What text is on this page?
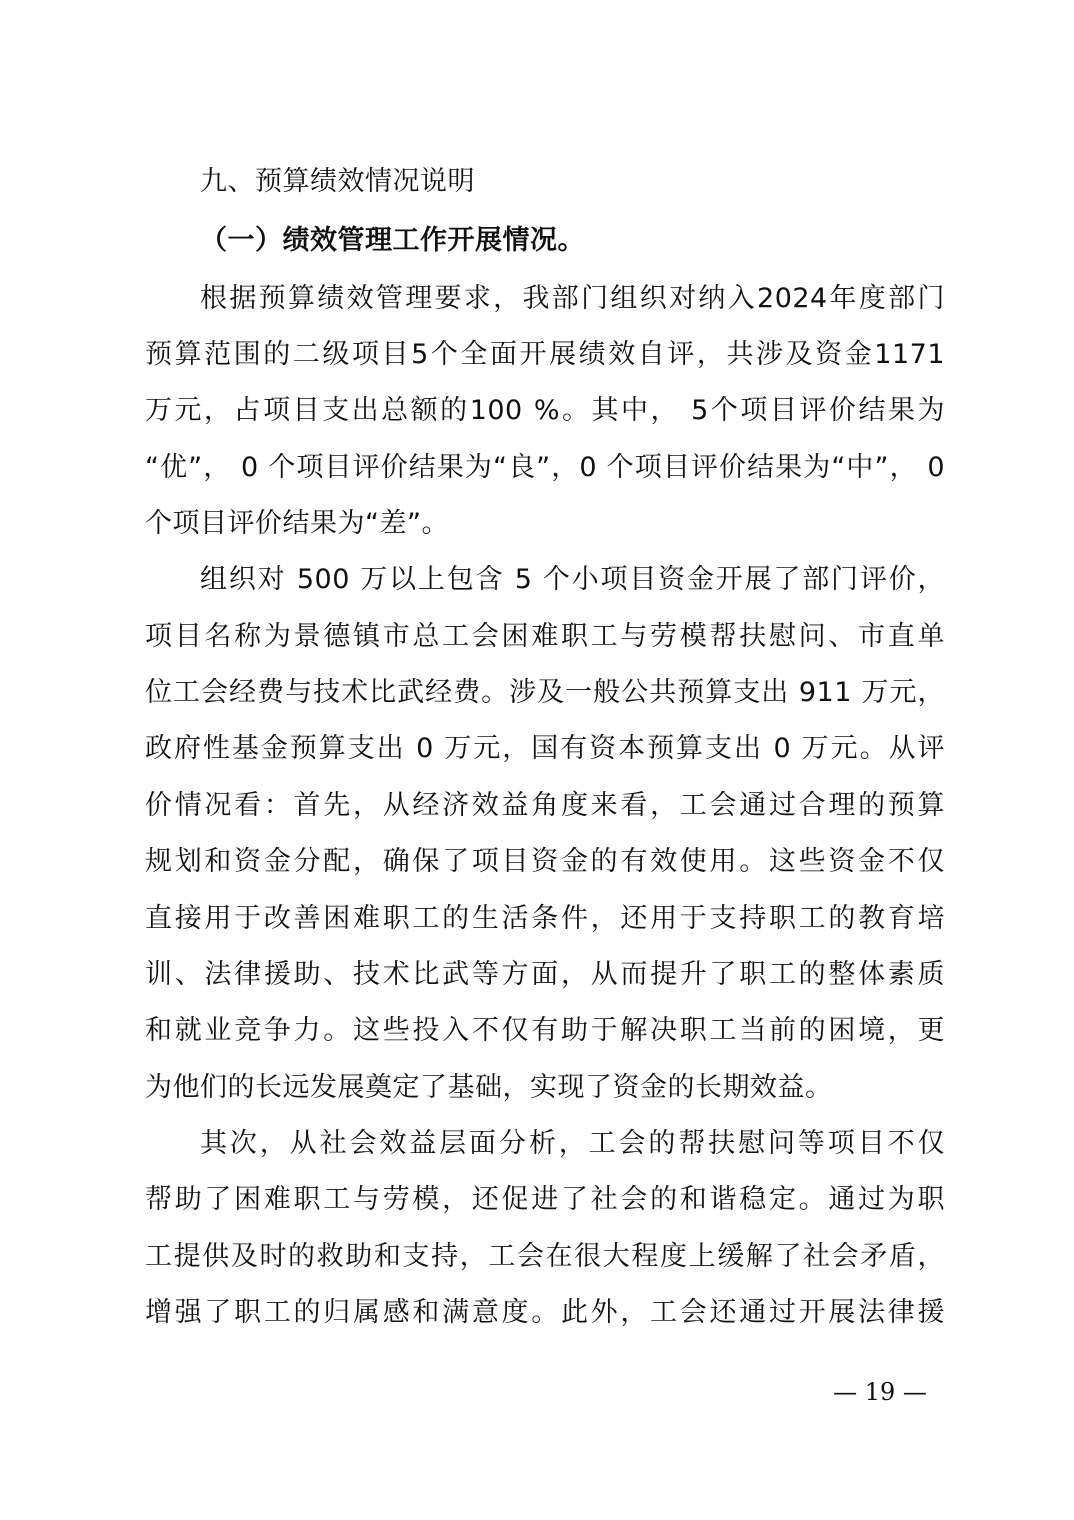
九、预算绩效情况说明
（一）绩效管理工作开展情况。
根据预算绩效管理要求，我部门组织对纳入2024年度部门
预算范围的二级项目5个全面开展绩效自评，共涉及资金1171
万元，占项目支出总额的100 %。其中， 5个项目评价结果为
“优”， 0 个项目评价结果为“良”，0 个项目评价结果为“中”， 0
个项目评价结果为“差”。
组织对 500 万以上包含 5 个小项目资金开展了部门评价，
项目名称为景德镇市总工会困难职工与劳模帮扶慰问、市直单
位工会经费与技术比武经费。涉及一般公共预算支出 911 万元，
政府性基金预算支出 0 万元，国有资本预算支出 0 万元。从评
价情况看：首先，从经济效益角度来看，工会通过合理的预算
规划和资金分配，确保了项目资金的有效使用。这些资金不仅
直接用于改善困难职工的生活条件，还用于支持职工的教育培
训、法律援助、技术比武等方面，从而提升了职工的整体素质
和就业竞争力。这些投入不仅有助于解决职工当前的困境，更
为他们的长远发展奠定了基础，实现了资金的长期效益。
其次，从社会效益层面分析，工会的帮扶慰问等项目不仅
帮助了困难职工与劳模，还促进了社会的和谐稳定。通过为职
工提供及时的救助和支持，工会在很大程度上缓解了社会矛盾，
增强了职工的归属感和满意度。此外，工会还通过开展法律援
— 19 —
